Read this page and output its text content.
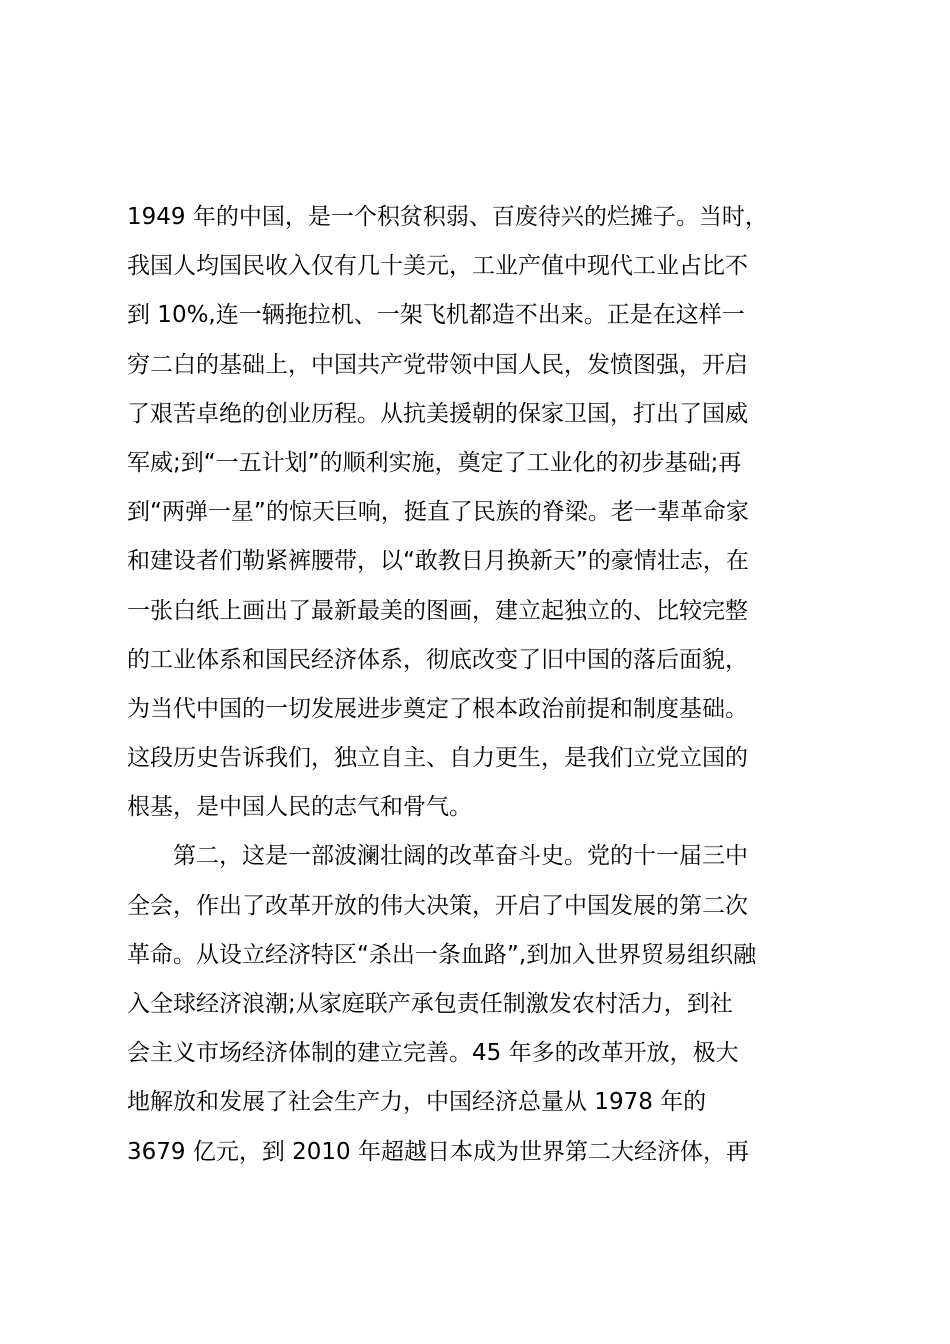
1949 年的中国，是一个积贫积弱、百废待兴的烂摊子。当时，
我国人均国民收入仅有几十美元，工业产值中现代工业占比不
到 10%,连一辆拖拉机、一架飞机都造不出来。正是在这样一
穷二白的基础上，中国共产党带领中国人民，发愤图强，开启
了艰苦卓绝的创业历程。从抗美援朝的保家卫国，打出了国威
军威;到“一五计划”的顺利实施，奠定了工业化的初步基础;再
到“两弹一星”的惊天巨响，挺直了民族的脊梁。老一辈革命家
和建设者们勒紧裤腰带，以“敢教日月换新天”的豪情壮志，在
一张白纸上画出了最新最美的图画，建立起独立的、比较完整
的工业体系和国民经济体系，彻底改变了旧中国的落后面貌，
为当代中国的一切发展进步奠定了根本政治前提和制度基础。
这段历史告诉我们，独立自主、自力更生，是我们立党立国的
根基，是中国人民的志气和骨气。
　　第二，这是一部波澜壮阔的改革奋斗史。党的十一届三中
全会，作出了改革开放的伟大决策，开启了中国发展的第二次
革命。从设立经济特区“杀出一条血路”,到加入世界贸易组织融
入全球经济浪潮;从家庭联产承包责任制激发农村活力，到社
会主义市场经济体制的建立完善。45 年多的改革开放，极大
地解放和发展了社会生产力，中国经济总量从 1978 年的
3679 亿元，到 2010 年超越日本成为世界第二大经济体，再
